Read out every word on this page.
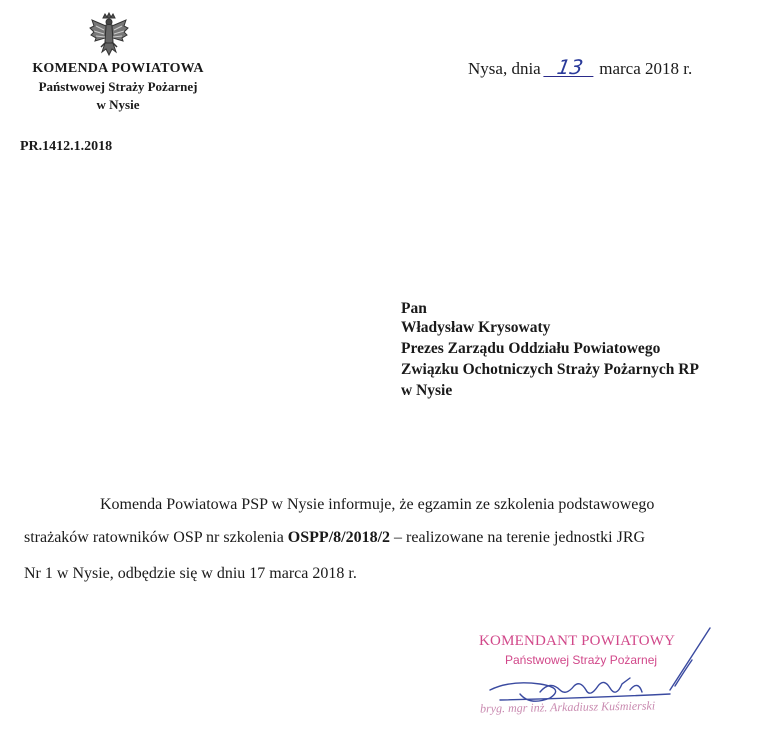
KOMENDA POWIATOWA
Państwowej Straży Pożarnej
w Nysie
PR.1412.1.2018
Nysa, dnia 13 marca 2018 r.
Pan
Władysław Krysowaty
Prezes Zarządu Oddziału Powiatowego
Związku Ochotniczych Straży Pożarnych RP
w Nysie
Komenda Powiatowa PSP w Nysie informuje, że egzamin ze szkolenia podstawowego
strażaków ratowników OSP nr szkolenia OSPP/8/2018/2 – realizowane na terenie jednostki JRG
Nr 1 w Nysie, odbędzie się w dniu 17 marca 2018 r.
KOMENDANT POWIATOWY
Państwowej Straży Pożarnej
bryg. mgr inż. Arkadiusz Kuśmierski
